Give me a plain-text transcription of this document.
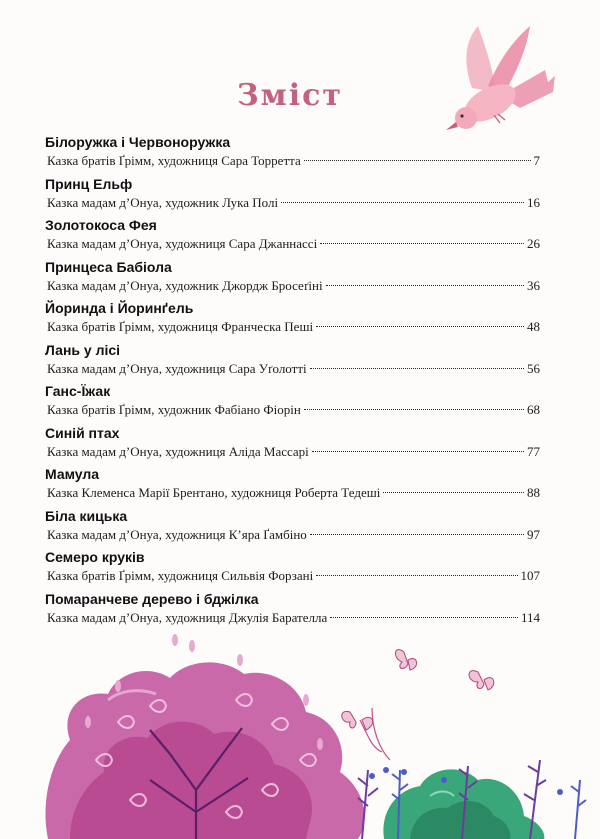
Зміст
Білоружка і Червоноружка
Казка братів Ґрімм, художниця Сара Торретта	7
Принц Ельф
Казка мадам д’Онуа, художник Лука Полі	16
Золотокоса Фея
Казка мадам д’Онуа, художниця Сара Джаннассі	26
Принцеса Бабіола
Казка мадам д’Онуа, художник Джордж Бросеґіні	36
Йоринда і Йоринґель
Казка братів Ґрімм, художниця Франческа Пеші	48
Лань у лісі
Казка мадам д’Онуа, художниця Сара Уґолотті	56
Ганс-Їжак
Казка братів Ґрімм, художник Фабіано Фіорін	68
Синій птах
Казка мадам д’Онуа, художниця Аліда Массарі	77
Мамула
Казка Клеменса Марії Брентано, художниця Роберта Тедеші	88
Біла кицька
Казка мадам д’Онуа, художниця К’яра Ґамбіно	97
Семеро круків
Казка братів Ґрімм, художниця Сильвія Форзані	107
Помаранчеве дерево і бджілка
Казка мадам д’Онуа, художниця Джулія Барателла	114
